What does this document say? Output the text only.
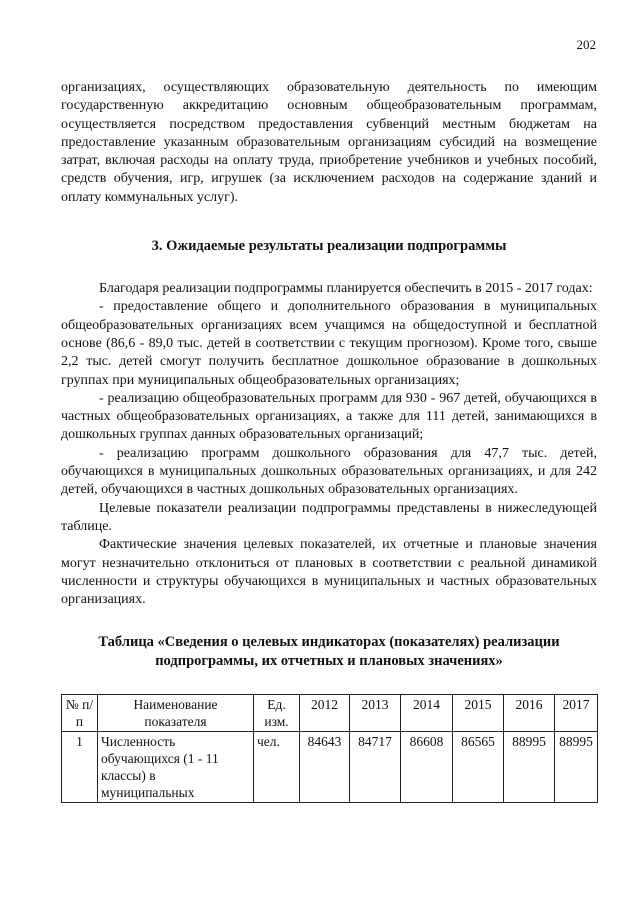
202

организациях, осуществляющих образовательную деятельность по имеющим государственную аккредитацию основным общеобразовательным программам, осуществляется посредством предоставления субвенций местным бюджетам на предоставление указанным образовательным организациям субсидий на возмещение затрат, включая расходы на оплату труда, приобретение учебников и учебных пособий, средств обучения, игр, игрушек (за исключением расходов на содержание зданий и оплату коммунальных услуг).

3. Ожидаемые результаты реализации подпрограммы

Благодаря реализации подпрограммы планируется обеспечить в 2015 - 2017 годах:

- предоставление общего и дополнительного образования в муниципальных общеобразовательных организациях всем учащимся на общедоступной и бесплатной основе (86,6 - 89,0 тыс. детей в соответствии с текущим прогнозом). Кроме того, свыше 2,2 тыс. детей смогут получить бесплатное дошкольное образование в дошкольных группах при муниципальных общеобразовательных организациях;

- реализацию общеобразовательных программ для 930 - 967 детей, обучающихся в частных общеобразовательных организациях, а также для 111 детей, занимающихся в дошкольных группах данных образовательных организаций;

- реализацию программ дошкольного образования для 47,7 тыс. детей, обучающихся в муниципальных дошкольных образовательных организациях, и для 242 детей, обучающихся в частных дошкольных образовательных организациях.

Целевые показатели реализации подпрограммы представлены в нижеследующей таблице.

Фактические значения целевых показателей, их отчетные и плановые значения могут незначительно отклониться от плановых в соответствии с реальной динамикой численности и структуры обучающихся в муниципальных и частных образовательных организациях.

Таблица «Сведения о целевых индикаторах (показателях) реализации подпрограммы, их отчетных и плановых значениях»
№ п/п	Наименование показателя	Ед. изм.	2012	2013	2014	2015	2016	2017
1	Численность обучающихся (1 - 11 классы) в муниципальных	чел.	84643	84717	86608	86565	88995	88995
